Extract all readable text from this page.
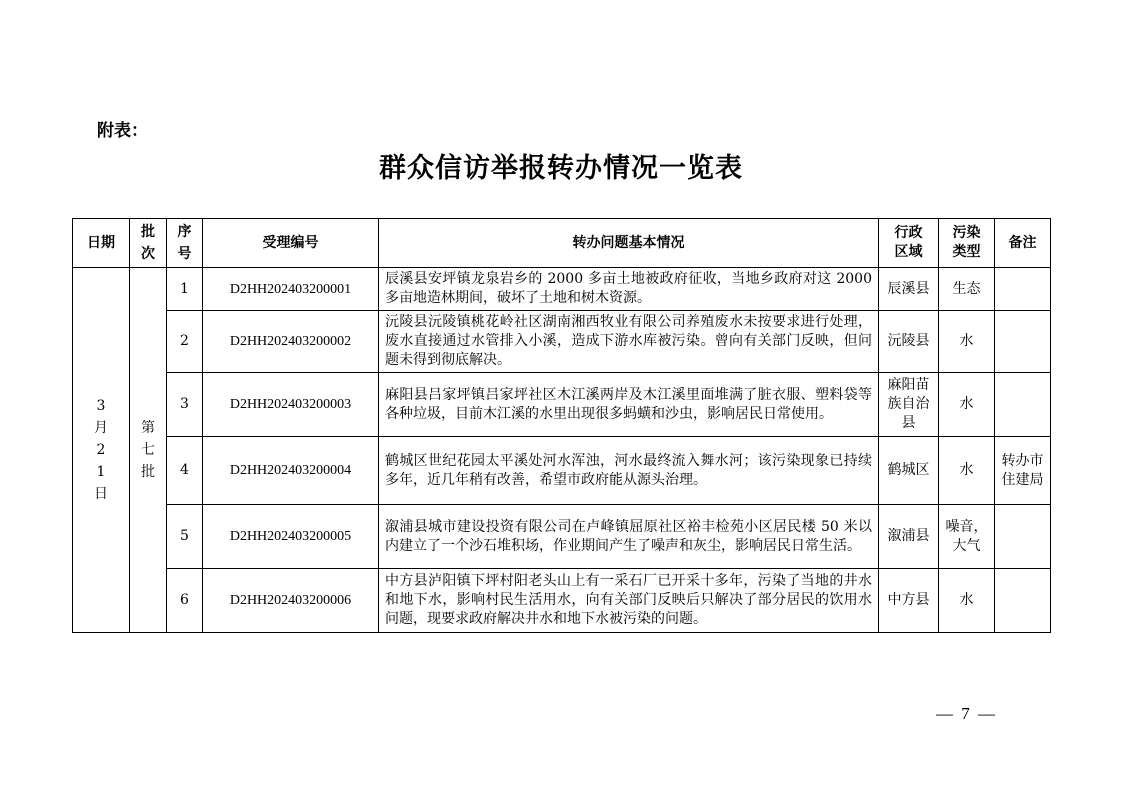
附表：
群众信访举报转办情况一览表
日期	批次	序号	受理编号	转办问题基本情况	行政区域	污染类型	备注
3月21日	第七批	1	D2HH202403200001	辰溪县安坪镇龙泉岩乡的 2000 多亩土地被政府征收，当地乡政府对这 2000 多亩地造林期间，破坏了土地和树木资源。	辰溪县	生态	
		2	D2HH202403200002	沅陵县沅陵镇桃花岭社区湖南湘西牧业有限公司养殖废水未按要求进行处理，废水直接通过水管排入小溪，造成下游水库被污染。曾向有关部门反映，但问题未得到彻底解决。	沅陵县	水	
		3	D2HH202403200003	麻阳县吕家坪镇吕家坪社区木江溪两岸及木江溪里面堆满了脏衣服、塑料袋等各种垃圾，目前木江溪的水里出现很多蚂蟥和沙虫，影响居民日常使用。	麻阳苗族自治县	水	
		4	D2HH202403200004	鹤城区世纪花园太平溪处河水浑浊，河水最终流入舞水河；该污染现象已持续多年，近几年稍有改善，希望市政府能从源头治理。	鹤城区	水	转办市住建局
		5	D2HH202403200005	溆浦县城市建设投资有限公司在卢峰镇屈原社区裕丰检苑小区居民楼 50 米以内建立了一个沙石堆积场，作业期间产生了噪声和灰尘，影响居民日常生活。	溆浦县	噪音，大气	
		6	D2HH202403200006	中方县泸阳镇下坪村阳老头山上有一采石厂已开采十多年，污染了当地的井水和地下水，影响村民生活用水，向有关部门反映后只解决了部分居民的饮用水问题，现要求政府解决井水和地下水被污染的问题。	中方县	水	
— 7 —
